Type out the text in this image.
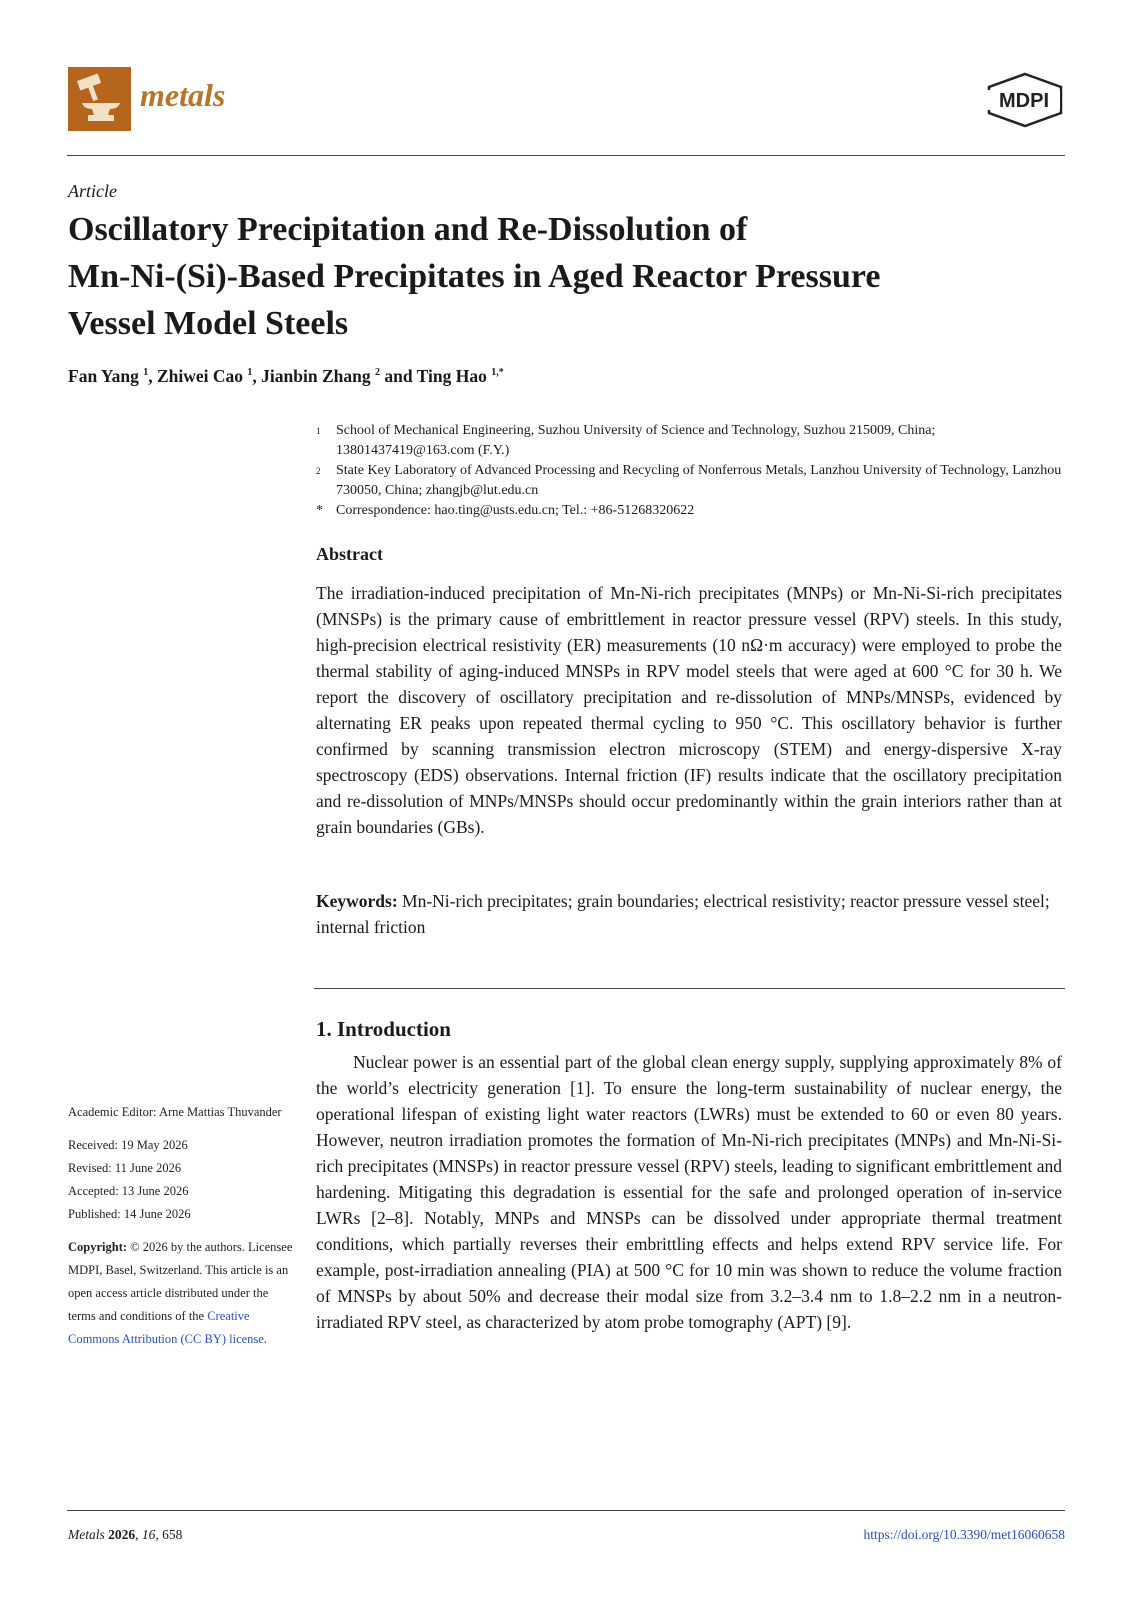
metals	MDPI
Article
Oscillatory Precipitation and Re-Dissolution of
Mn-Ni-(Si)-Based Precipitates in Aged Reactor Pressure
Vessel Model Steels
Fan Yang $^1$, Zhiwei Cao $^1$, Jianbin Zhang $^2$ and Ting Hao $^{1,*}$
1 School of Mechanical Engineering, Suzhou University of Science and Technology, Suzhou 215009, China; 13801437419@163.com (F.Y.)
2 State Key Laboratory of Advanced Processing and Recycling of Nonferrous Metals, Lanzhou University of Technology, Lanzhou 730050, China; zhangjb@lut.edu.cn
* Correspondence: hao.ting@usts.edu.cn; Tel.: +86-51268320622
Abstract
The irradiation-induced precipitation of Mn-Ni-rich precipitates (MNPs) or Mn-Ni-Si-rich precipitates (MNSPs) is the primary cause of embrittlement in reactor pressure vessel (RPV) steels. In this study, high-precision electrical resistivity (ER) measurements (10 nΩ·m accuracy) were employed to probe the thermal stability of aging-induced MNSPs in RPV model steels that were aged at 600 °C for 30 h. We report the discovery of oscillatory precipitation and re-dissolution of MNPs/MNSPs, evidenced by alternating ER peaks upon repeated thermal cycling to 950 °C. This oscillatory behavior is further confirmed by scanning transmission electron microscopy (STEM) and energy-dispersive X-ray spectroscopy (EDS) observations. Internal friction (IF) results indicate that the oscillatory precipitation and re-dissolution of MNPs/MNSPs should occur predominantly within the grain interiors rather than at grain boundaries (GBs).
Keywords: Mn-Ni-rich precipitates; grain boundaries; electrical resistivity; reactor pressure vessel steel; internal friction
1. Introduction
Nuclear power is an essential part of the global clean energy supply, supplying approximately 8% of the world’s electricity generation [1]. To ensure the long-term sustainability of nuclear energy, the operational lifespan of existing light water reactors (LWRs) must be extended to 60 or even 80 years. However, neutron irradiation promotes the formation of Mn-Ni-rich precipitates (MNPs) and Mn-Ni-Si-rich precipitates (MNSPs) in reactor pressure vessel (RPV) steels, leading to significant embrittlement and hardening. Mitigating this degradation is essential for the safe and prolonged operation of in-service LWRs [2–8]. Notably, MNPs and MNSPs can be dissolved under appropriate thermal treatment conditions, which partially reverses their embrittling effects and helps extend RPV service life. For example, post-irradiation annealing (PIA) at 500 °C for 10 min was shown to reduce the volume fraction of MNSPs by about 50% and decrease their modal size from 3.2–3.4 nm to 1.8–2.2 nm in a neutron-irradiated RPV steel, as characterized by atom probe tomography (APT) [9].
Academic Editor: Arne Mattias Thuvander
Received: 19 May 2026
Revised: 11 June 2026
Accepted: 13 June 2026
Published: 14 June 2026
Copyright: © 2026 by the authors. Licensee MDPI, Basel, Switzerland. This article is an open access article distributed under the terms and conditions of the Creative Commons Attribution (CC BY) license.
Metals 2026, 16, 658	https://doi.org/10.3390/met16060658
